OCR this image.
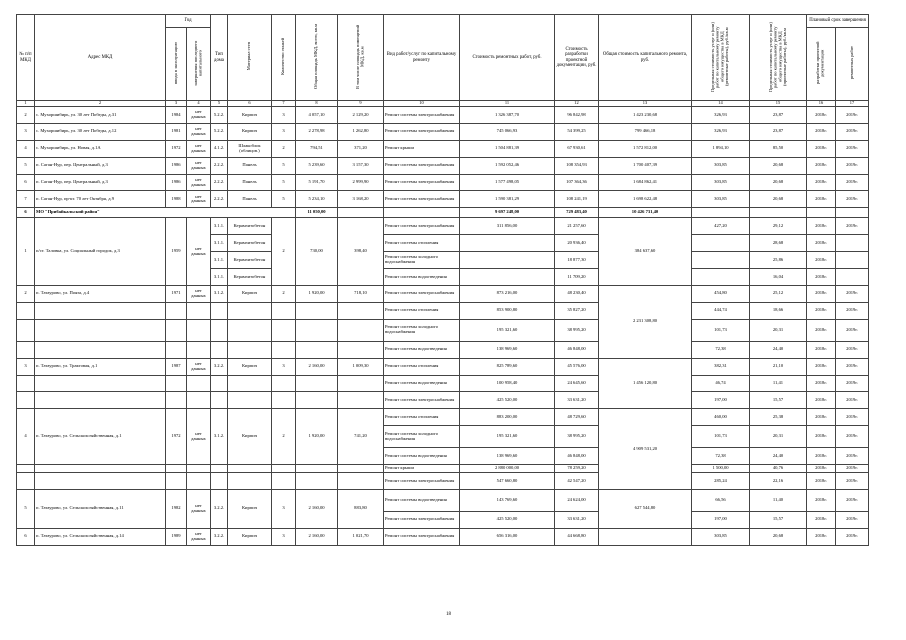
№ п/п МКД	Адрес МКД	Год		Тип дома	Материал стен	Количество этажей	Общая площадь МКД, всего, кв.м	В том числе площадь помещений МКД, кв.м	Вид работ/услуг по капитальному ремонту	Стоимость ремонтных работ, руб.	Стоимость разработки проектной документации, руб.	Общая стоимость капитального ремонта, руб.	Предельная стоимость услуг и (или) работ по капитальному ремонту общего имущества в МКД (ремонтные работы), руб./кв.м	Предельная стоимость услуг и (или) работ по капитальному ремонту общего имущества в МКД (проектные работы), руб./кв.м	Плановый срок завершения	
		ввода в эксплуатацию	завершения последнего капитального												разработки проектной документации	ремонтных работ
1	2	3	4	5	6	7	8	9	10	11	12	13	14	15	16	17
2	с. Мухоршибирь, ул. 30 лет Победы, д.31	1984	нет данных	5.2.2.	Кирпич	3	4 057,10	2 129,20	Ремонт системы электроснабжения	1 326 387,70	96 842,98	1 423 230,68	326,93	23,87	2018г.	2019г.
3	с. Мухоршибирь, ул. 30 лет Победы, д.12	1981	нет данных	5.2.2.	Кирпич	3	2 278,98	1 262,80	Ремонт системы электроснабжения	745 066,93	54 399,25	799 466,18	326,93	23,87	2018г.	2019г.
4	с. Мухоршибирь, ул. Новая, д.1А	1972	нет данных	4.1.2.	Шлакоблок (облицов.)	2	794,51	371,20	Ремонт крыши	1 504 881,39	67 930,61	1 572 812,00	1 894,10	85,50	2018г.	2019г.
5	п. Саган-Нур, пер. Центральный, д.3	1986	нет данных	2.2.2.	Панель	5	5 239,60	3 157,30	Ремонт системы электроснабжения	1 592 052,46	108 354,93	1 700 407,39	303,85	20,68	2018г.	2019г.
6	п. Саган-Нур, пер. Центральный, д.3	1986	нет данных	2.2.2.	Панель	5	5 191,70	2 999,90	Ремонт системы электроснабжения	1 577 498,05	107 364,36	1 684 862,41	303,85	20,68	2018г.	2019г.
7	п. Саган-Нур, пр-кт. 70 лет Октября, д.9	1988	нет данных	2.2.2.	Панель	5	5 234,10	3 168,20	Ремонт системы электроснабжения	1 590 381,29	108 241,19	1 698 622,48	303,85	20,68	2018г.	2019г.
6	МО "Прибайкальский район"						11 050,00			9 697 248,00	729 483,40	10 426 731,40				
1	п/ст. Таловка, ул. Социальный городок, д.3	1959	нет данных	3.1.1.	Керамзитобетон	2	730,00	398,40	Ремонт системы электроснабжения	311 856,00	21 257,60	384 637,60	427,20	29,12	2018г.	2019г.
				3.1.1.	Керамзитобетон				Ремонт системы отопления		20 936,40			28,68	2018г.	
				3.1.1.	Керамзитобетон				Ремонт системы холодного водоснабжения		18 877,30			25,86	2018г.	
				3.1.1.	Керамзитобетон				Ремонт системы водоотведения		11 709,20			16,04	2018г.	
2	п. Татаурово, ул. Пояза, д.4	1971	нет данных	3.1.2.	Кирпич	2	1 920,00	718,10	Ремонт системы электроснабжения	873 216,00	48 230,40	2 231 308,80	454,80	25,12	2018г.	2019г.
									Ремонт системы отопления	853 900,80	35 827,20		444,74	18,66	2018г.	2019г.
									Ремонт системы холодного водоснабжения	195 321,60	38 995,20		101,73	20,31	2018г.	2019г.
									Ремонт системы водоотведения	138 969,60	46 848,00		72,38	24,40	2018г.	2019г.
3	п. Татаурово, ул. Трактовая, д.1	1987	нет данных	3.2.2.	Кирпич	3	2 160,00	1 009,30	Ремонт системы отопления	825 789,60	45 576,00	1 456 120,80	382,31	21,10	2018г.	2019г.
									Ремонт системы водоотведения	100 958,40	24 645,60		46,74	11,41	2018г.	2019г.
									Ремонт системы электроснабжения	425 520,00	33 631,20		197,00	15,57	2018г.	2019г.
4	п. Татаурово, ул. Сельскохозяйственная, д.1	1972	нет данных	3.1.2.	Кирпич	2	1 920,00	741,20	Ремонт системы отопления	883 200,00	48 729,60	4 909 531,20	460,00	25,38	2018г.	2019г.
									Ремонт системы холодного водоснабжения	195 321,60	38 995,20		101,73	20,31	2018г.	2019г.
									Ремонт системы водоотведения	138 969,60	46 848,00		72,38	24,40	2018г.	2019г.
									Ремонт крыши	2 880 000,00	78 259,20		1 500,00	40,76	2018г.	2019г.
									Ремонт системы электроснабжения	547 660,80	42 547,20		285,24	22,16	2018г.	2019г.
5	п. Татаурово, ул. Сельскохозяйственная, д.11	1982	нет данных	3.2.2.	Кирпич	3	2 160,00	883,80	Ремонт системы водоотведения	143 769,60	24 624,00	627 544,80	66,56	11,40	2018г.	2019г.
									Ремонт системы электроснабжения	425 520,00	33 631,20		197,00	15,57	2018г.	2019г.
6	п. Татаурово, ул. Сельскохозяйственная, д.14	1989	нет данных	3.2.2.	Кирпич	3	2 160,00	1 021,70	Ремонт системы электроснабжения	656 316,00	44 668,80		303,85	20,68	2018г.	2019г.
18
